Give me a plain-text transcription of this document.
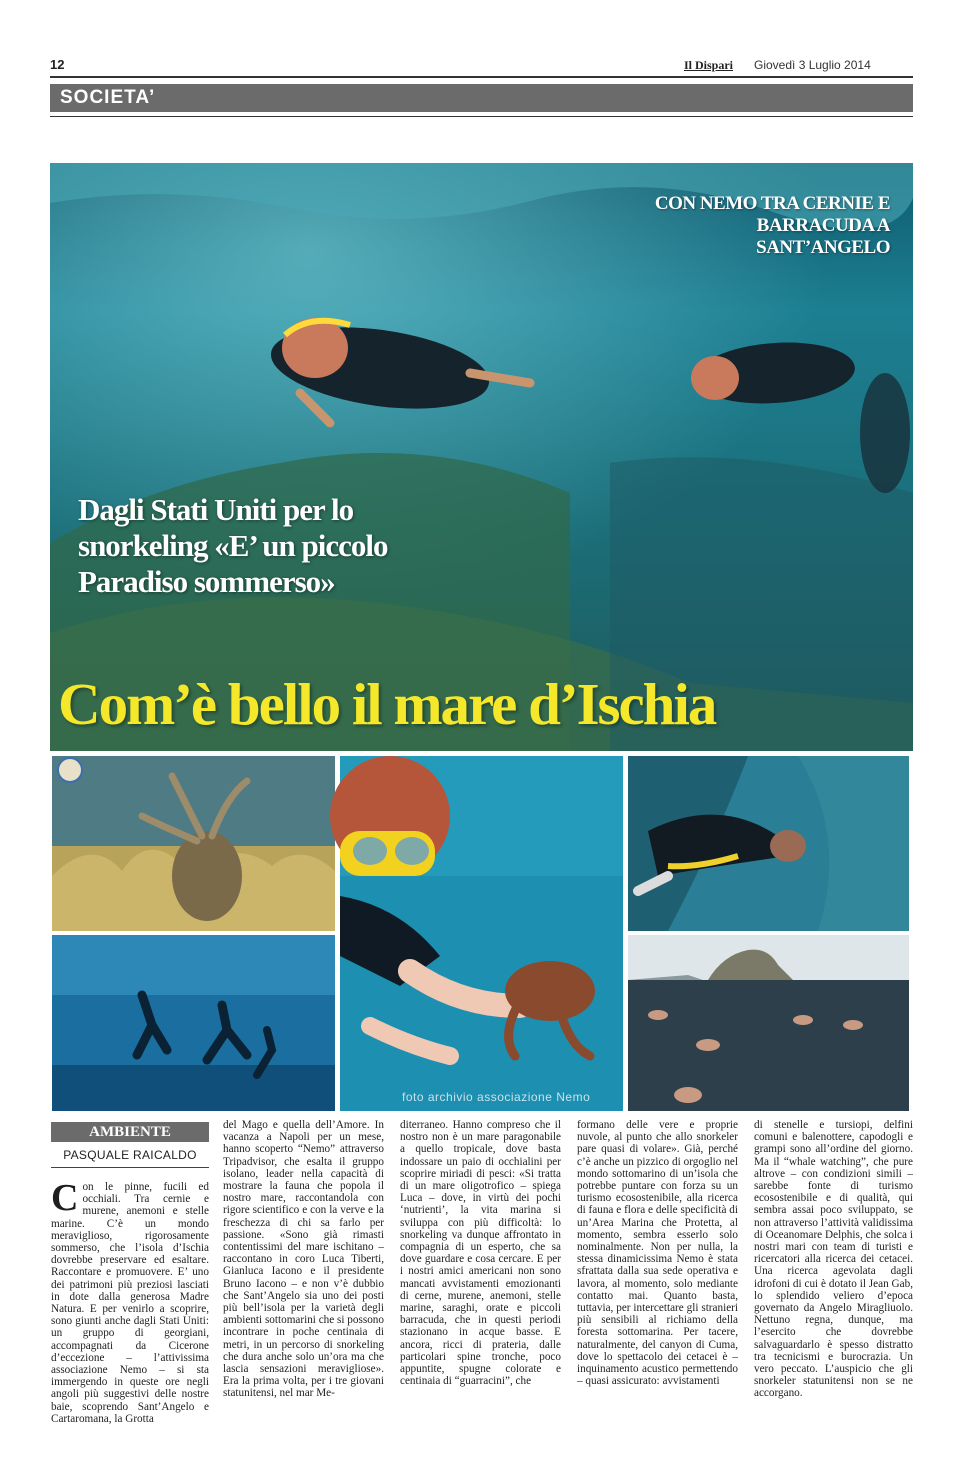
12	Il Dispari Giovedì 3 Luglio 2014
SOCIETA’
CON NEMO TRA CERNIE E BARRACUDA A SANT’ANGELO
Dagli Stati Uniti per lo snorkeling «E’ un piccolo Paradiso sommerso»
Com’è bello il mare d’Ischia
foto archivio associazione Nemo
AMBIENTE
PASQUALE RAICALDO
Con le pinne, fucili ed occhiali. Tra cernie e murene, anemoni e stelle marine. C’è un mondo meraviglioso, rigorosamente sommerso, che l’isola d’Ischia dovrebbe preservare ed esaltare. Raccontare e promuovere. E’ uno dei patrimoni più preziosi lasciati in dote dalla generosa Madre Natura. E per venirlo a scoprire, sono giunti anche dagli Stati Uniti: un gruppo di georgiani, accompagnati da Cicerone d’eccezione – l’attivissima associazione Nemo – si sta immergendo in queste ore negli angoli più suggestivi delle nostre baie, scoprendo Sant’Angelo e Cartaromana, la Grotta

del Mago e quella dell’Amore. In vacanza a Napoli per un mese, hanno scoperto “Nemo” attraverso Tripadvisor, che esalta il gruppo isolano, leader nella capacità di mostrare la fauna che popola il nostro mare, raccontandola con rigore scientifico e con la verve e la freschezza di chi sa farlo per passione. «Sono già rimasti contentissimi del mare ischitano – raccontano in coro Luca Tiberti, Gianluca Iacono e il presidente Bruno Iacono – e non v’è dubbio che Sant’Angelo sia uno dei posti più bell’isola per la varietà degli ambienti sottomarini che si possono incontrare in poche centinaia di metri, in un percorso di snorkeling che dura anche solo un’ora ma che lascia sensazioni meravigliose». Era la prima volta, per i tre giovani statunitensi, nel mar Me-

diterraneo. Hanno compreso che il nostro non è un mare paragonabile a quello tropicale, dove basta indossare un paio di occhialini per scoprire miriadi di pesci: «Si tratta di un mare oligotrofico – spiega Luca – dove, in virtù dei pochi ‘nutrienti’, la vita marina si sviluppa con più difficoltà: lo snorkeling va dunque affrontato in compagnia di un esperto, che sa dove guardare e cosa cercare. E per i nostri amici americani non sono mancati avvistamenti emozionanti di cerne, murene, anemoni, stelle marine, saraghi, orate e piccoli barracuda, che in questi periodi stazionano in acque basse. E ancora, ricci di prateria, dalle particolari spine tronche, poco appuntite, spugne colorate e centinaia di “guarracini”, che

formano delle vere e proprie nuvole, al punto che allo snorkeler pare quasi di volare». Già, perché c’è anche un pizzico di orgoglio nel mondo sottomarino di un’isola che potrebbe puntare con forza su un turismo ecosostenibile, alla ricerca di fauna e flora e delle specificità di un’Area Marina che Protetta, al momento, sembra esserlo solo nominalmente. Non per nulla, la stessa dinamicissima Nemo è stata sfrattata dalla sua sede operativa e lavora, al momento, solo mediante contatto mai. Quanto basta, tuttavia, per intercettare gli stranieri più sensibili al richiamo della foresta sottomarina. Per tacere, naturalmente, del canyon di Cuma, dove lo spettacolo dei cetacei è – inquinamento acustico permettendo – quasi assicurato: avvistamenti

di stenelle e tursiopi, delfini comuni e balenottere, capodogli e grampi sono all’ordine del giorno. Ma il “whale watching”, che pure altrove – con condizioni simili – sarebbe fonte di turismo ecosostenibile e di qualità, qui sembra assai poco sviluppato, se non attraverso l’attività validissima di Oceanomare Delphis, che solca i nostri mari con team di turisti e ricercatori alla ricerca dei cetacei. Una ricerca agevolata dagli idrofoni di cui è dotato il Jean Gab, lo splendido veliero d’epoca governato da Angelo Miragliuolo. Nettuno regna, dunque, ma l’esercito che dovrebbe salvaguardarlo è spesso distratto tra tecnicismi e burocrazia. Un vero peccato. L’auspicio che gli snorkeler statunitensi non se ne accorgano.
